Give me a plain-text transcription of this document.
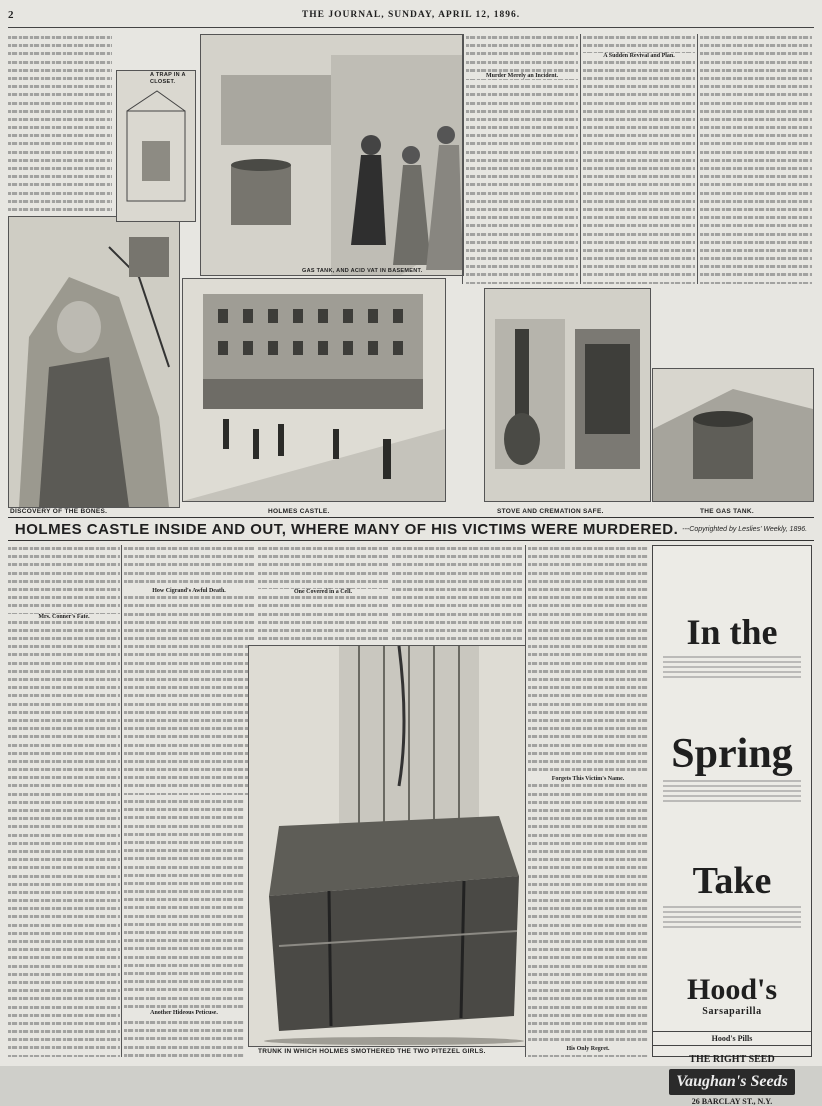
2	THE JOURNAL, SUNDAY, APRIL 12, 1896.

Murder Merely an Incident.

A Sudden Revival and Plan.

A TRAP IN A CLOSET.
GAS TANK, AND ACID VAT IN BASEMENT.
DISCOVERY OF THE BONES.	HOLMES CASTLE.	STOVE AND CREMATION SAFE.	THE GAS TANK.
HOLMES CASTLE INSIDE AND OUT, WHERE MANY OF HIS VICTIMS WERE MURDERED. ---Copyrighted by Leslies' Weekly, 1896.

Mrs. Conner's Fate.

How Cigrand's Awful Death.	One Covered in a Cell.

Forgets This Victim's Name.
His Only Regret.

Another Hideous Peticuse.
TRUNK IN WHICH HOLMES SMOTHERED THE TWO PITEZEL GIRLS.
In the
Spring
Take
Hood's
Sarsaparilla
Hood's Pills
THE RIGHT SEED
Vaughan's Seeds
26 BARCLAY ST., N.Y.
